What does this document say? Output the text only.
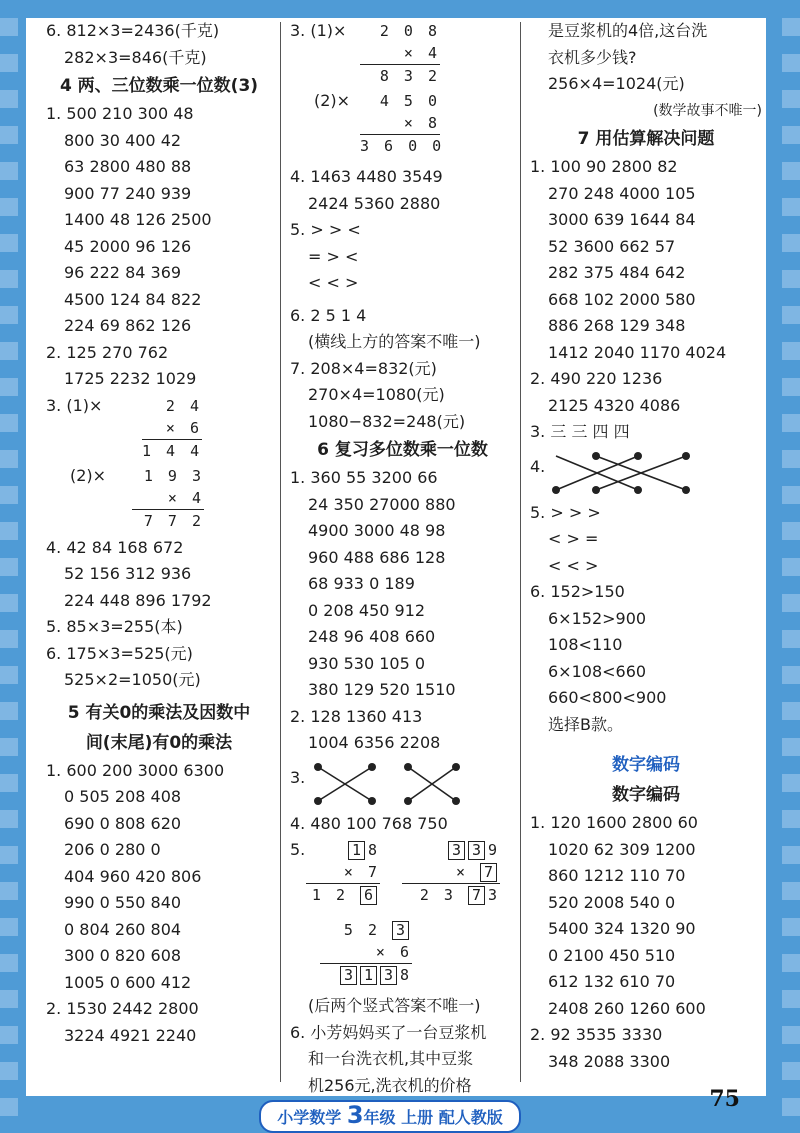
6. 812×3=2436(千克)
282×3=846(千克)
4 两、三位数乘一位数(3)
1. 500 210 300 48
800 30 400 42
63 2800 480 88
900 77 240 939
1400 48 126 2500
45 2000 96 126
96 222 84 369
4500 124 84 822
224 69 862 126
2. 125 270 762
1725 2232 1029
3. (1)×	2 4
× 6
1 4 4
(2)×	1 9 3
× 4
7 7 2
4. 42 84 168 672
52 156 312 936
224 448 896 1792
5. 85×3=255(本)
6. 175×3=525(元)
525×2=1050(元)
5 有关0的乘法及因数中
间(末尾)有0的乘法
1. 600 200 3000 6300
0 505 208 408
690 0 808 620
206 0 280 0
404 960 420 806
990 0 550 840
0 804 260 804
300 0 820 608
1005 0 600 412
2. 1530 2442 2800
3224 4921 2240
3. (1)×	2 0 8
× 4
8 3 2
(2)×	4 5 0
× 8
3 6 0 0
4. 1463 4480 3549
2424 5360 2880
5. > > <
= > <
< < >
6. 2 5 1 4
(横线上方的答案不唯一)
7. 208×4=832(元)
270×4=1080(元)
1080−832=248(元)
6 复习多位数乘一位数
1. 360 55 3200 66
24 350 27000 880
4900 3000 48 98
960 488 686 128
68 933 0 189
0 208 450 912
248 96 408 660
930 530 105 0
380 129 520 1510
2. 128 1360 413
1004 6356 2208
3.
4. 480 100 768 750
5.	1 8
× 7
1 2 6
3 3 9
× 7
2 3 7 3
5 2 3
× 6
3 1 3 8
(后两个竖式答案不唯一)
6. 小芳妈妈买了一台豆浆机
和一台洗衣机,其中豆浆
机256元,洗衣机的价格
是豆浆机的4倍,这台洗
衣机多少钱?
256×4=1024(元)
(数学故事不唯一)
7 用估算解决问题
1. 100 90 2800 82
270 248 4000 105
3000 639 1644 84
52 3600 662 57
282 375 484 642
668 102 2000 580
886 268 129 348
1412 2040 1170 4024
2. 490 220 1236
2125 4320 4086
3. 三 三 四 四
4.
5. > > >
< > =
< < >
6. 152>150
6×152>900
108<110
6×108<660
660<800<900
选择B款。
数字编码
数字编码
1. 120 1600 2800 60
1020 62 309 1200
860 1212 110 70
520 2008 540 0
5400 324 1320 90
0 2100 450 510
612 132 610 70
2408 260 1260 600
2. 92 3535 3330
348 2088 3300
75
小学数学 3年级 上册 配人教版
